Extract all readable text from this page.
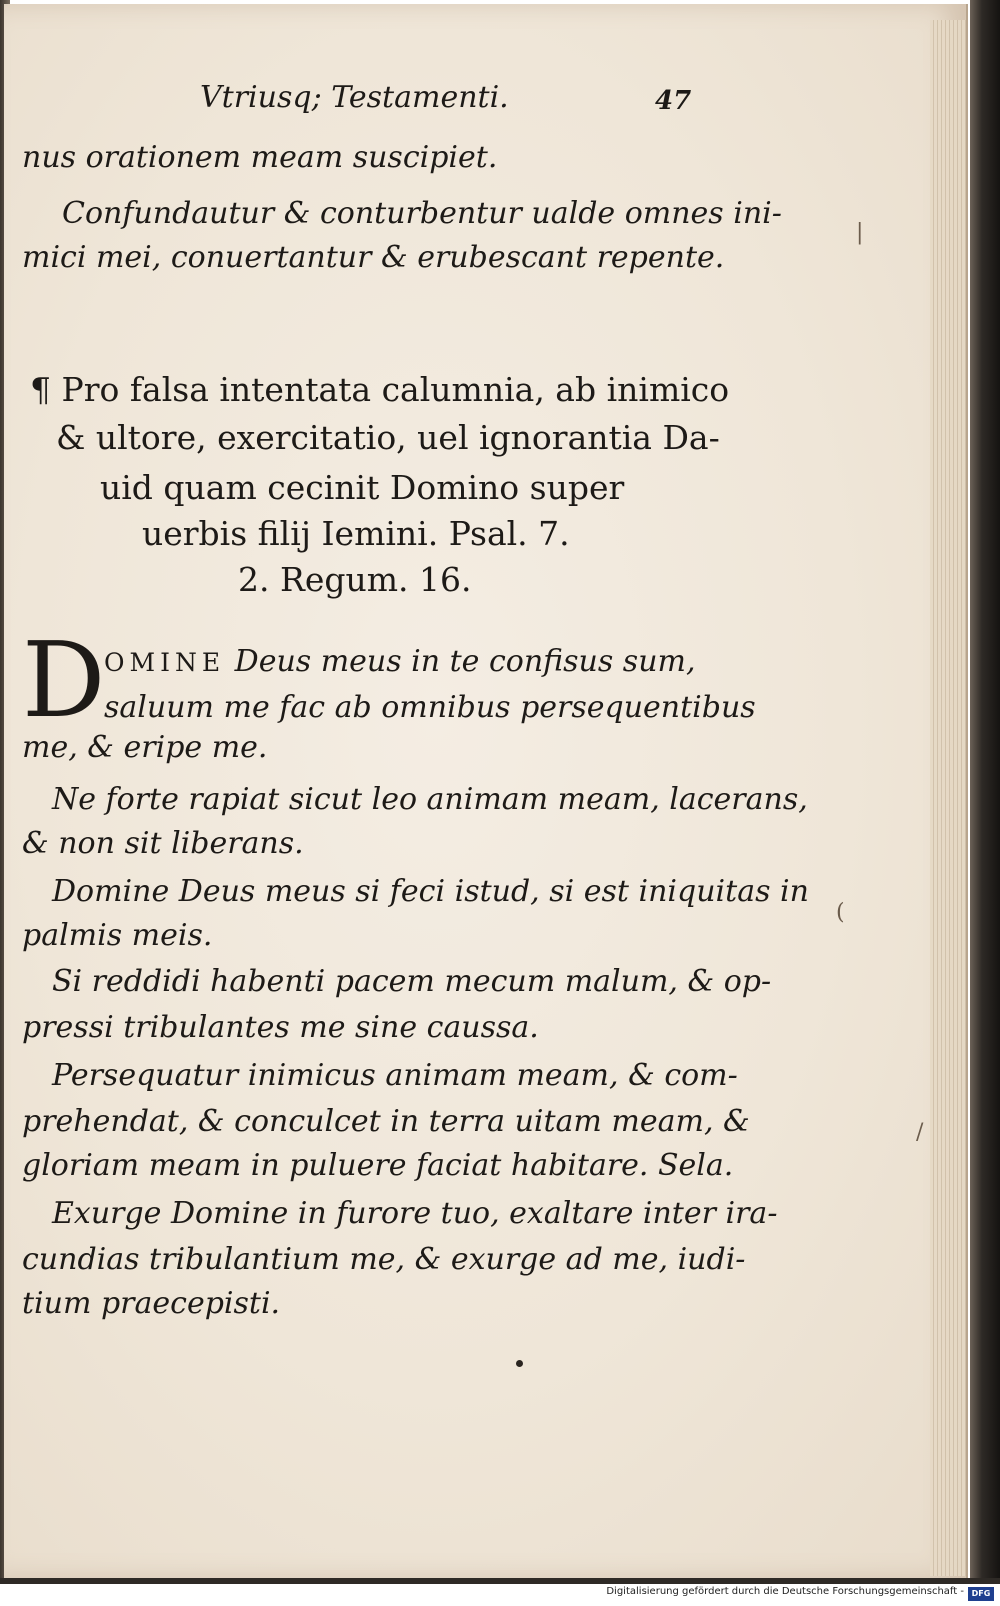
Vtriusq; Testamenti.	47
nus orationem meam suscipiet.
Confundautur & conturbentur ualde omnes ini-
mici mei, conuertantur & erubescant repente.
¶ Pro falsa intentata calumnia, ab inimico
& ultore, exercitatio, uel ignorantia Da-
uid quam cecinit Domino super
uerbis filij Iemini. Psal. 7.
2. Regum. 16.
D
OMINE Deus meus in te confisus sum,
saluum me fac ab omnibus persequentibus
me, & eripe me.
Ne forte rapiat sicut leo animam meam, lacerans,
& non sit liberans.
Domine Deus meus si feci istud, si est iniquitas in
palmis meis.
Si reddidi habenti pacem mecum malum, & op-
pressi tribulantes me sine caussa.
Persequatur inimicus animam meam, & com-
prehendat, & conculcet in terra uitam meam, &
gloriam meam in puluere faciat habitare. Sela.
Exurge Domine in furore tuo, exaltare inter ira-
cundias tribulantium me, & exurge ad me, iudi-
tium praecepisti.
|
(
/
Digitalisierung gefördert durch die Deutsche Forschungsgemeinschaft - DFG
